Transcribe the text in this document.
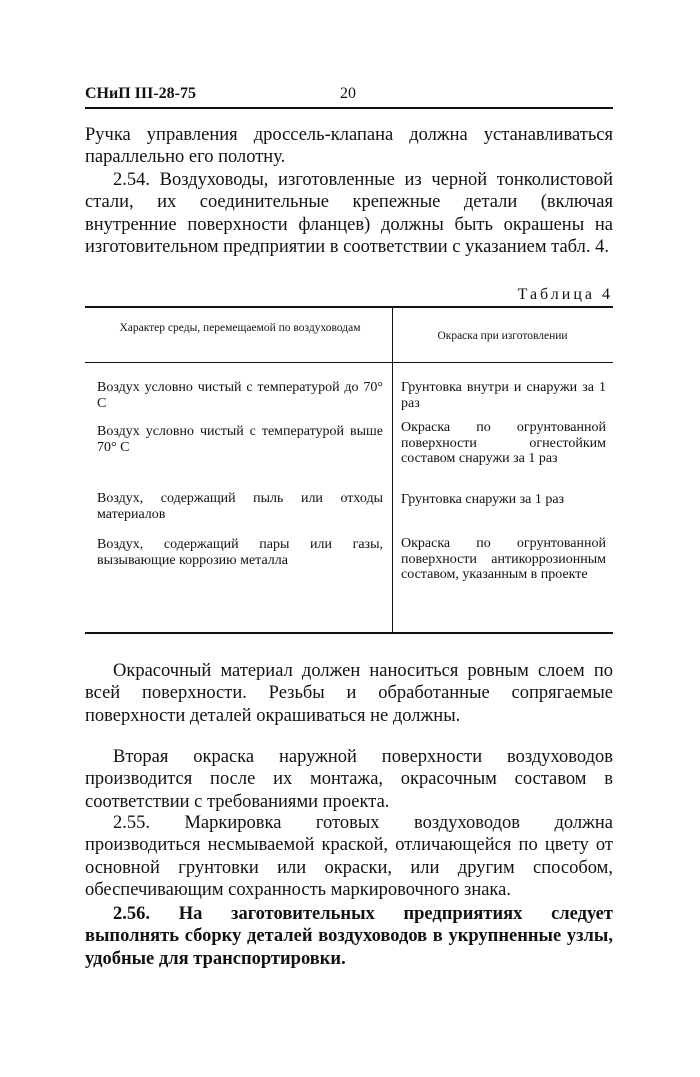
СНиП III-28-75	20

Ручка управления дроссель-клапана должна устанавливаться параллельно его полотну.

2.54. Воздуховоды, изготовленные из черной тонколистовой стали, их соединительные крепежные детали (включая внутренние поверхности фланцев) должны быть окрашены на изготовительном предприятии в соответствии с указанием табл. 4.

Таблица 4
Характер среды, перемещаемой по воздуховодам
Окраска при изготовлении
Воздух условно чистый с температурой до 70° С
Воздух условно чистый с температурой выше 70° С
Воздух, содержащий пыль или отходы материалов
Воздух, содержащий пары или газы, вызывающие коррозию металла
Грунтовка внутри и снаружи за 1 раз
Окраска по огрунтованной поверхности огнестойким составом снаружи за 1 раз
Грунтовка снаружи за 1 раз
Окраска по огрунтованной поверхности антикоррозионным составом, указанным в проекте

Окрасочный материал должен наноситься ровным слоем по всей поверхности. Резьбы и обработанные сопрягаемые поверхности деталей окрашиваться не должны.

Вторая окраска наружной поверхности воздуховодов производится после их монтажа, окрасочным составом в соответствии с требованиями проекта.

2.55. Маркировка готовых воздуховодов должна производиться несмываемой краской, отличающейся по цвету от основной грунтовки или окраски, или другим способом, обеспечивающим сохранность маркировочного знака.

2.56. На заготовительных предприятиях следует выполнять сборку деталей воздуховодов в укрупненные узлы, удобные для транспортировки.
